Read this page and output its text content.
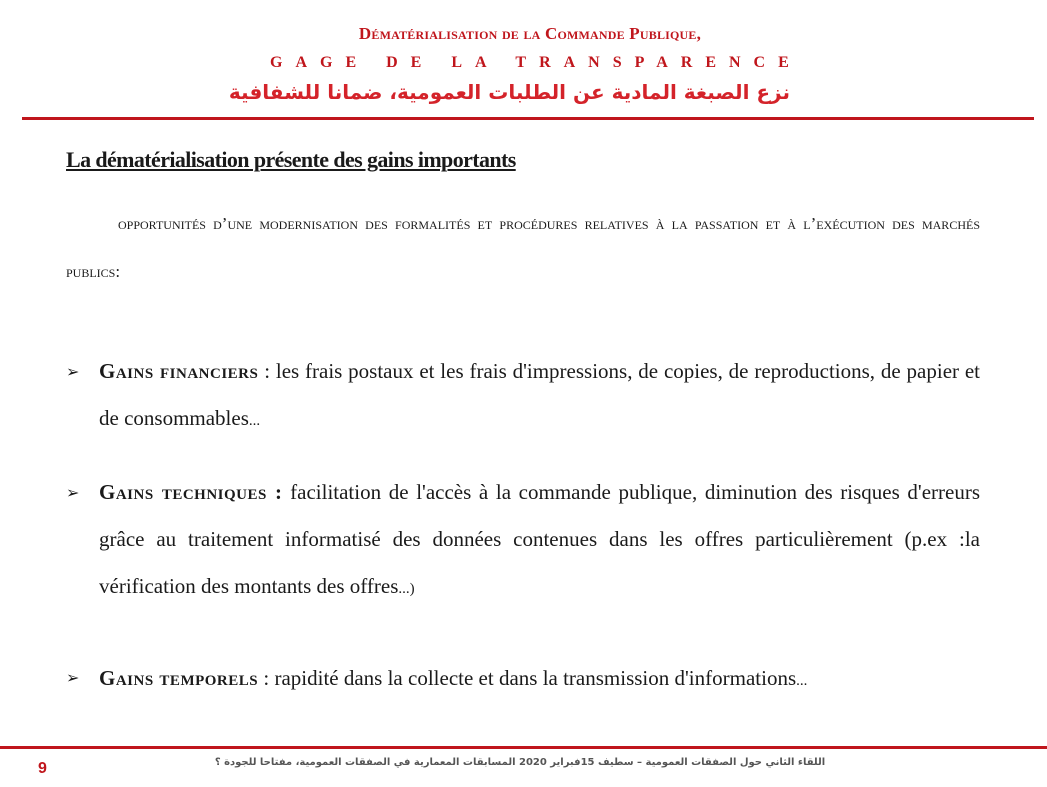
Dématérialisation de la Commande Publique,
GAGE DE LA TRANSPARENCE
نزع الصبغة المادية عن الطلبات العمومية، ضمانا للشفافية
La dématérialisation présente des gains importants
opportunités d’une modernisation des formalités et procédures relatives à la passation et à l’exécution des marchés publics:
➢ Gains financiers : les frais postaux et les frais d'impressions, de copies, de reproductions, de papier et de consommables...
➢ Gains techniques : facilitation de l'accès à la commande publique, diminution des risques d'erreurs grâce au traitement informatisé des données contenues dans les offres particulièrement (p.ex :la vérification des montants des offres...)
➢ Gains temporels : rapidité dans la collecte et dans la transmission d'informations...
9	اللقاء الثاني حول الصفقات العمومية – سطيف 15فبراير 2020 المسابقات المعمارية في الصفقات العمومية، مفتاحا للجودة ؟
